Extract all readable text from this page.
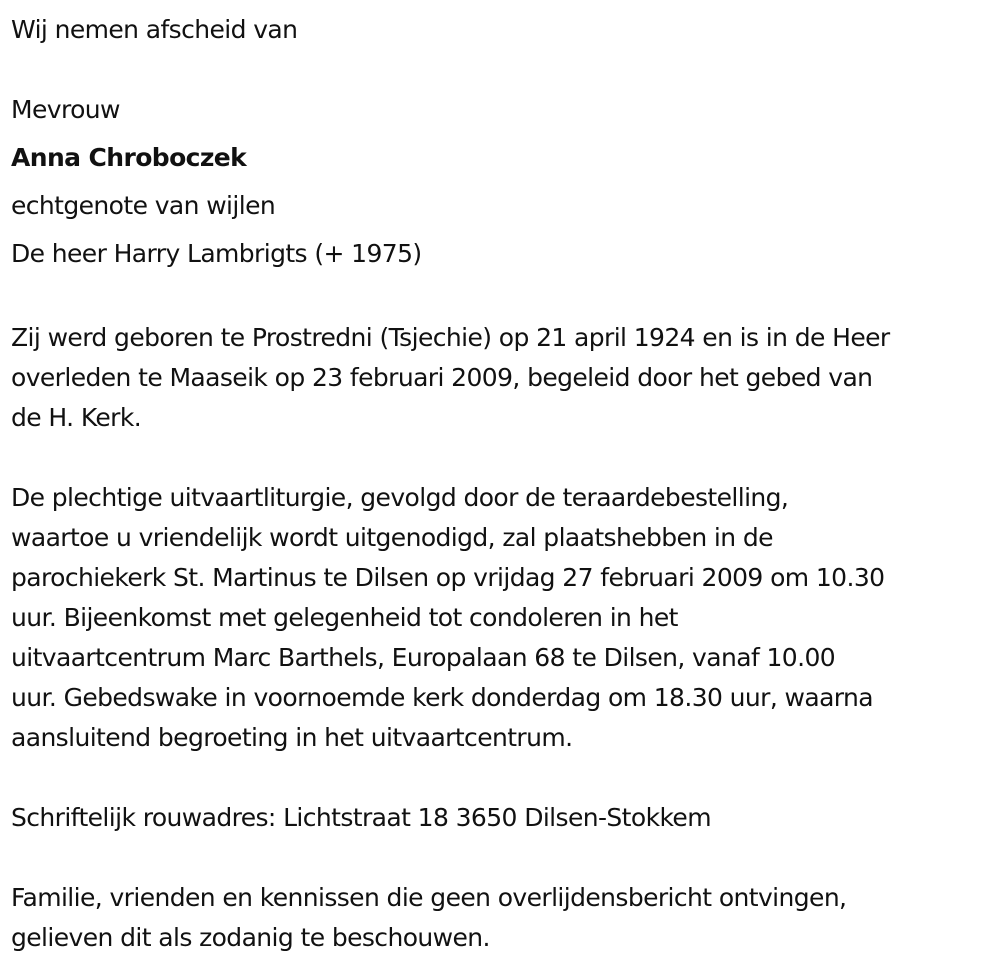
Wij nemen afscheid van
Mevrouw
Anna Chroboczek
echtgenote van wijlen
De heer Harry Lambrigts (+ 1975)
Zij werd geboren te Prostredni (Tsjechie) op 21 april 1924 en is in de Heer
overleden te Maaseik op 23 februari 2009, begeleid door het gebed van
de H. Kerk.
De plechtige uitvaartliturgie, gevolgd door de teraardebestelling,
waartoe u vriendelijk wordt uitgenodigd, zal plaatshebben in de
parochiekerk St. Martinus te Dilsen op vrijdag 27 februari 2009 om 10.30
uur. Bijeenkomst met gelegenheid tot condoleren in het
uitvaartcentrum Marc Barthels, Europalaan 68 te Dilsen, vanaf 10.00
uur. Gebedswake in voornoemde kerk donderdag om 18.30 uur, waarna
aansluitend begroeting in het uitvaartcentrum.
Schriftelijk rouwadres: Lichtstraat 18 3650 Dilsen-Stokkem
Familie, vrienden en kennissen die geen overlijdensbericht ontvingen,
gelieven dit als zodanig te beschouwen.
